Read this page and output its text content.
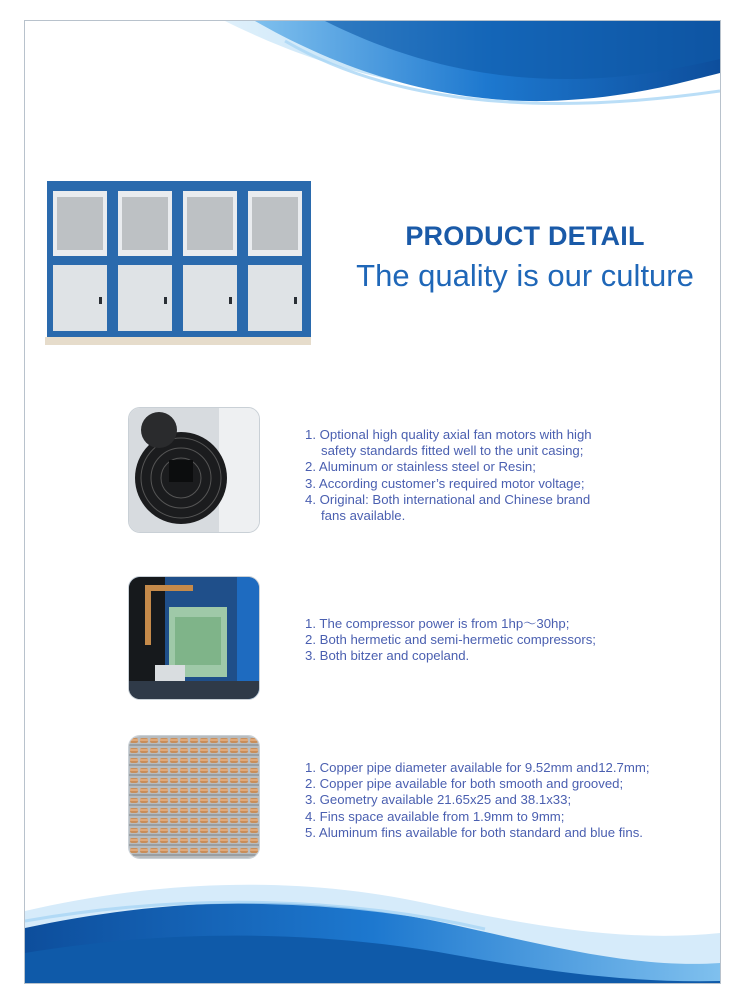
PRODUCT DETAIL
The quality is our culture
1. Optional high quality axial fan motors with high
safety standards fitted well to the unit casing;
2. Aluminum or stainless steel or Resin;
3. According customer’s required motor voltage;
4. Original: Both international and Chinese brand
fans available.
1. The compressor power is from 1hp～30hp;
2. Both hermetic and semi-hermetic compressors;
3. Both bitzer and copeland.
1. Copper pipe diameter available for 9.52mm and12.7mm;
2. Copper pipe available for both smooth and grooved;
3. Geometry available 21.65x25 and 38.1x33;
4. Fins space available from 1.9mm to 9mm;
5. Aluminum fins available for both standard and blue fins.
